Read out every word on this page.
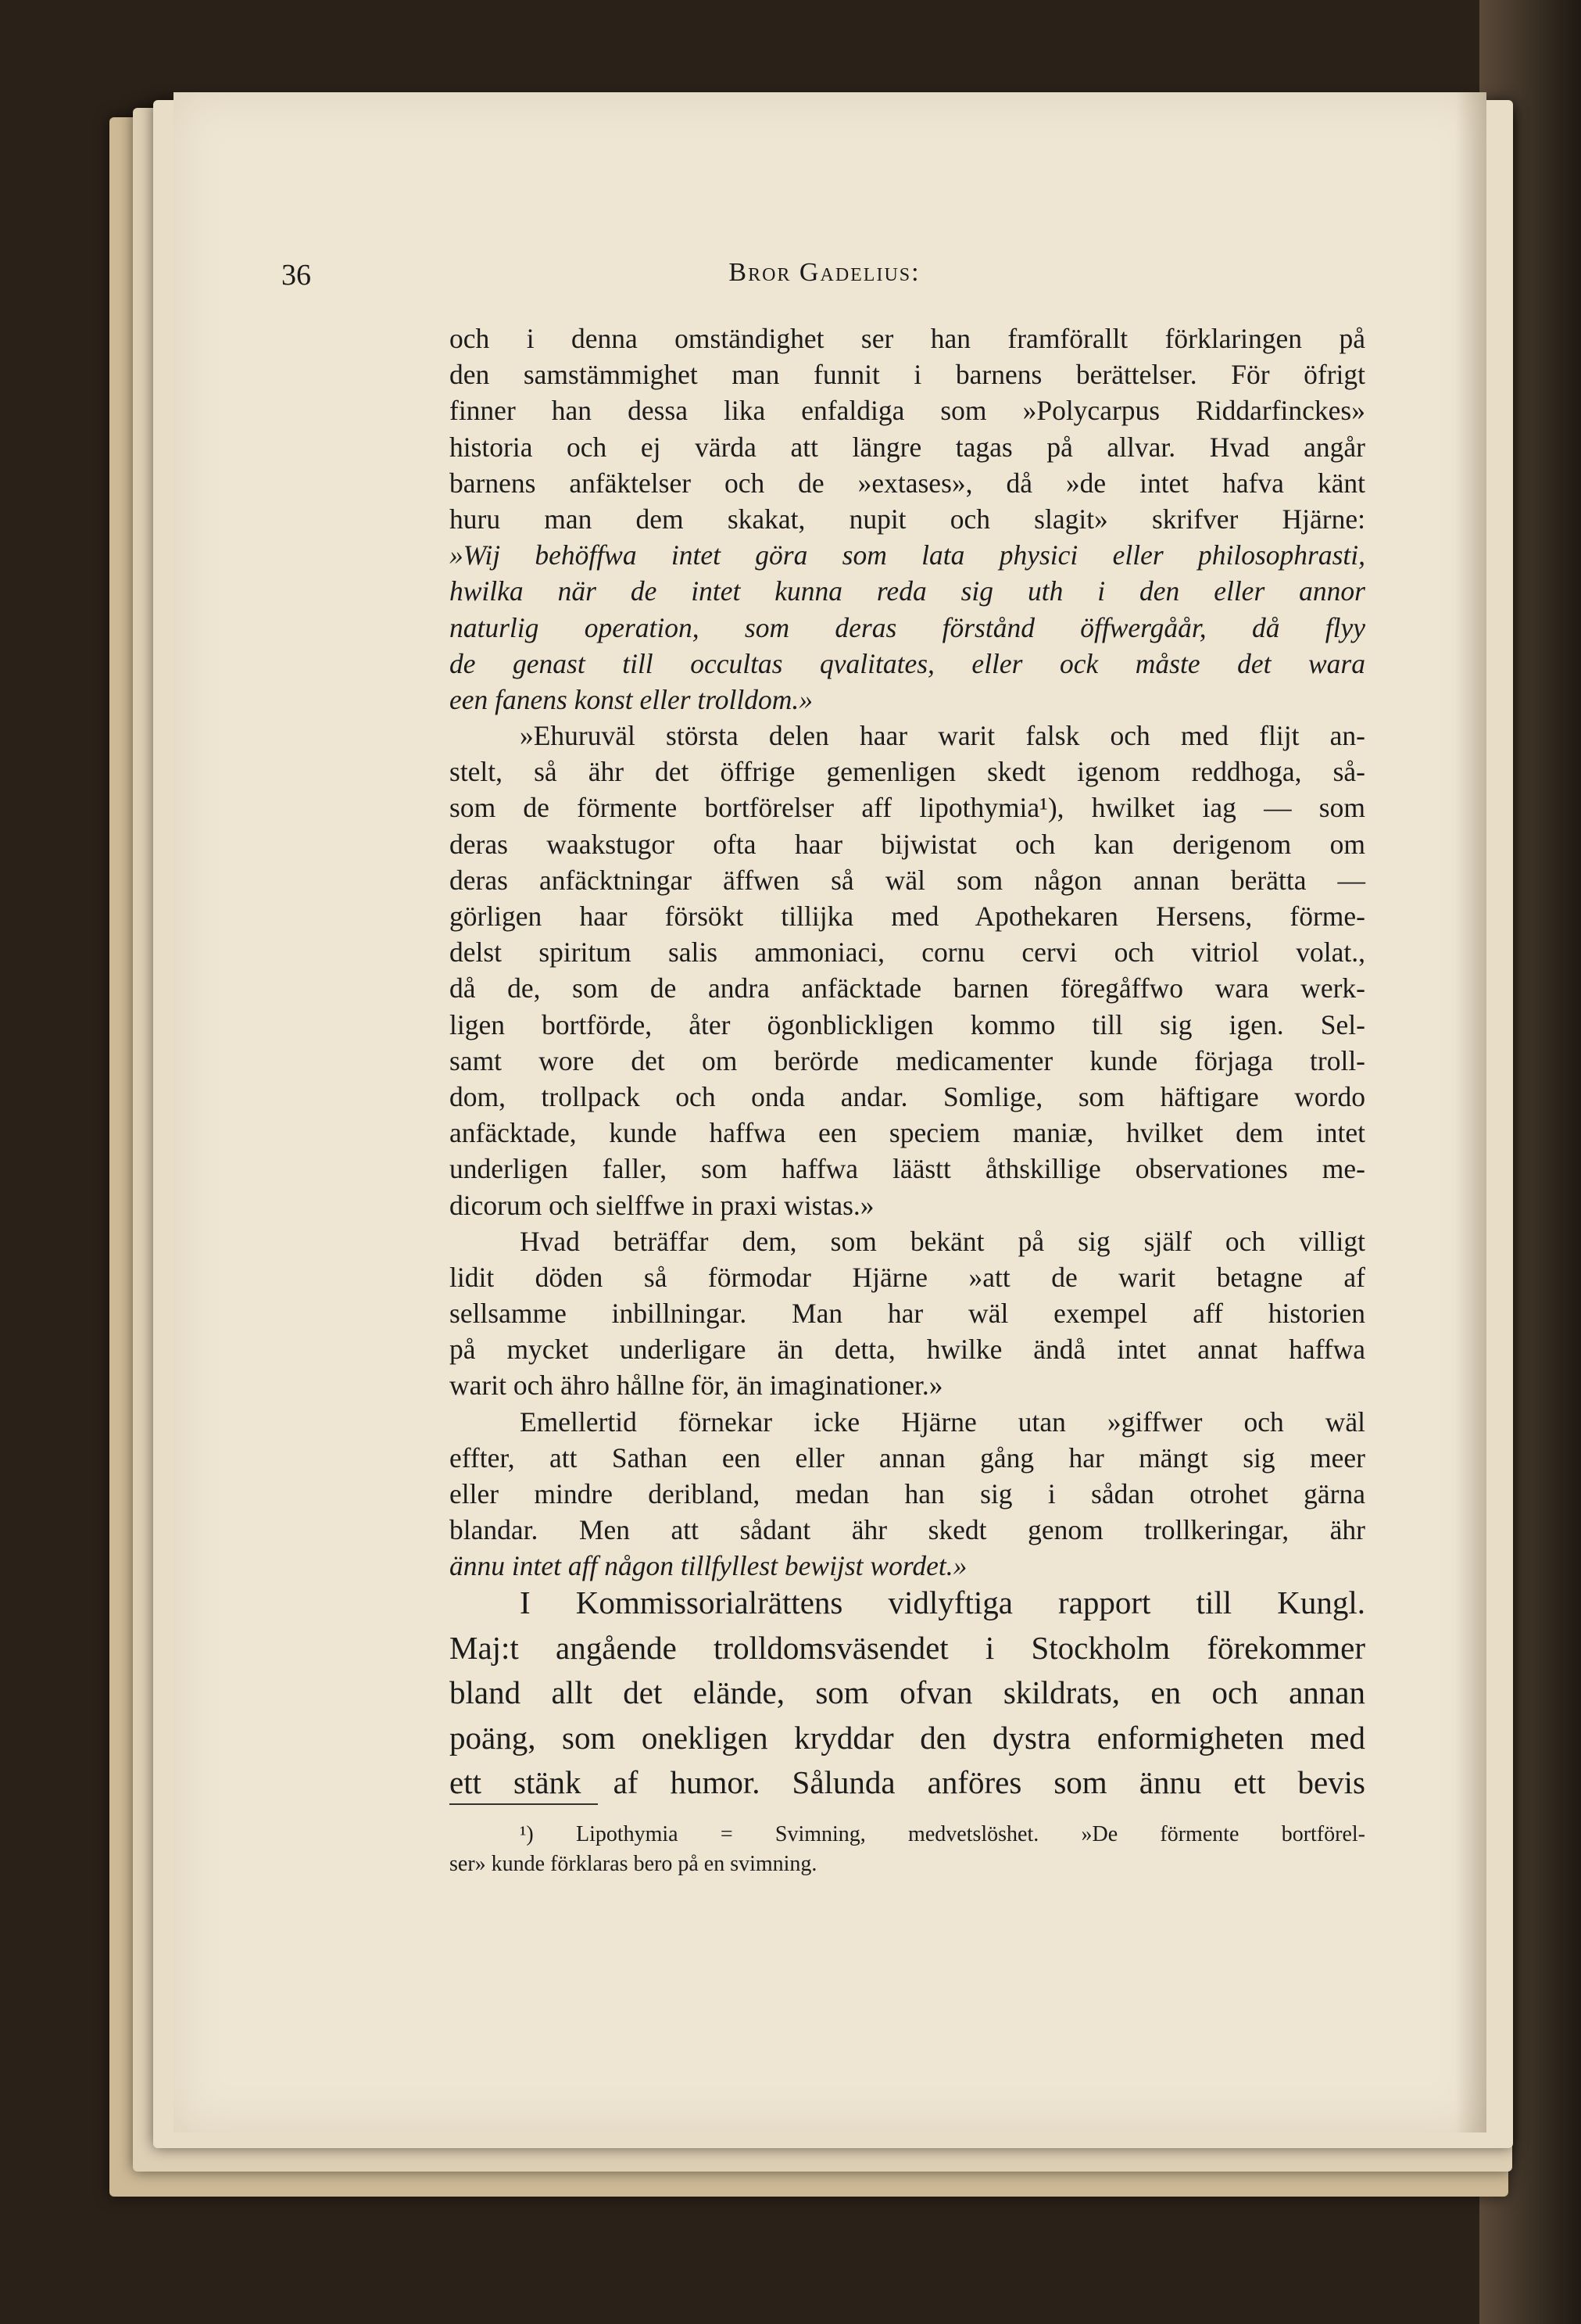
36	Bror Gadelius:
och i denna omständighet ser han framförallt förklaringen på
den samstämmighet man funnit i barnens berättelser. För öfrigt
finner han dessa lika enfaldiga som »Polycarpus Riddarfinckes»
historia och ej värda att längre tagas på allvar. Hvad angår
barnens anfäktelser och de »extases», då »de intet hafva känt
huru man dem skakat, nupit och slagit» skrifver Hjärne:
»Wij behöffwa intet göra som lata physici eller philosophrasti,
hwilka när de intet kunna reda sig uth i den eller annor
naturlig operation, som deras förstånd öffwergåår, då flyy
de genast till occultas qvalitates, eller ock måste det wara
een fanens konst eller trolldom.»
»Ehuruväl största delen haar warit falsk och med flijt an-
stelt, så ähr det öffrige gemenligen skedt igenom reddhoga, så-
som de förmente bortförelser aff lipothymia¹), hwilket iag — som
deras waakstugor ofta haar bijwistat och kan derigenom om
deras anfäcktningar äffwen så wäl som någon annan berätta —
görligen haar försökt tillijka med Apothekaren Hersens, förme-
delst spiritum salis ammoniaci, cornu cervi och vitriol volat.,
då de, som de andra anfäcktade barnen föregåffwo wara werk-
ligen bortförde, åter ögonblickligen kommo till sig igen. Sel-
samt wore det om berörde medicamenter kunde förjaga troll-
dom, trollpack och onda andar. Somlige, som häftigare wordo
anfäcktade, kunde haffwa een speciem maniæ, hvilket dem intet
underligen faller, som haffwa läästt åthskillige observationes me-
dicorum och sielffwe in praxi wistas.»
Hvad beträffar dem, som bekänt på sig själf och villigt
lidit döden så förmodar Hjärne »att de warit betagne af
sellsamme inbillningar. Man har wäl exempel aff historien
på mycket underligare än detta, hwilke ändå intet annat haffwa
warit och ähro hållne för, än imaginationer.»
Emellertid förnekar icke Hjärne utan »giffwer och wäl
effter, att Sathan een eller annan gång har mängt sig meer
eller mindre deribland, medan han sig i sådan otrohet gärna
blandar. Men att sådant ähr skedt genom trollkeringar, ähr
ännu intet aff någon tillfyllest bewijst wordet.»
I Kommissorialrättens vidlyftiga rapport till Kungl.
Maj:t angående trolldomsväsendet i Stockholm förekommer
bland allt det elände, som ofvan skildrats, en och annan
poäng, som onekligen kryddar den dystra enformigheten med
ett stänk af humor. Sålunda anföres som ännu ett bevis
¹) Lipothymia = Svimning, medvetslöshet. »De förmente bortförel-
ser» kunde förklaras bero på en svimning.
